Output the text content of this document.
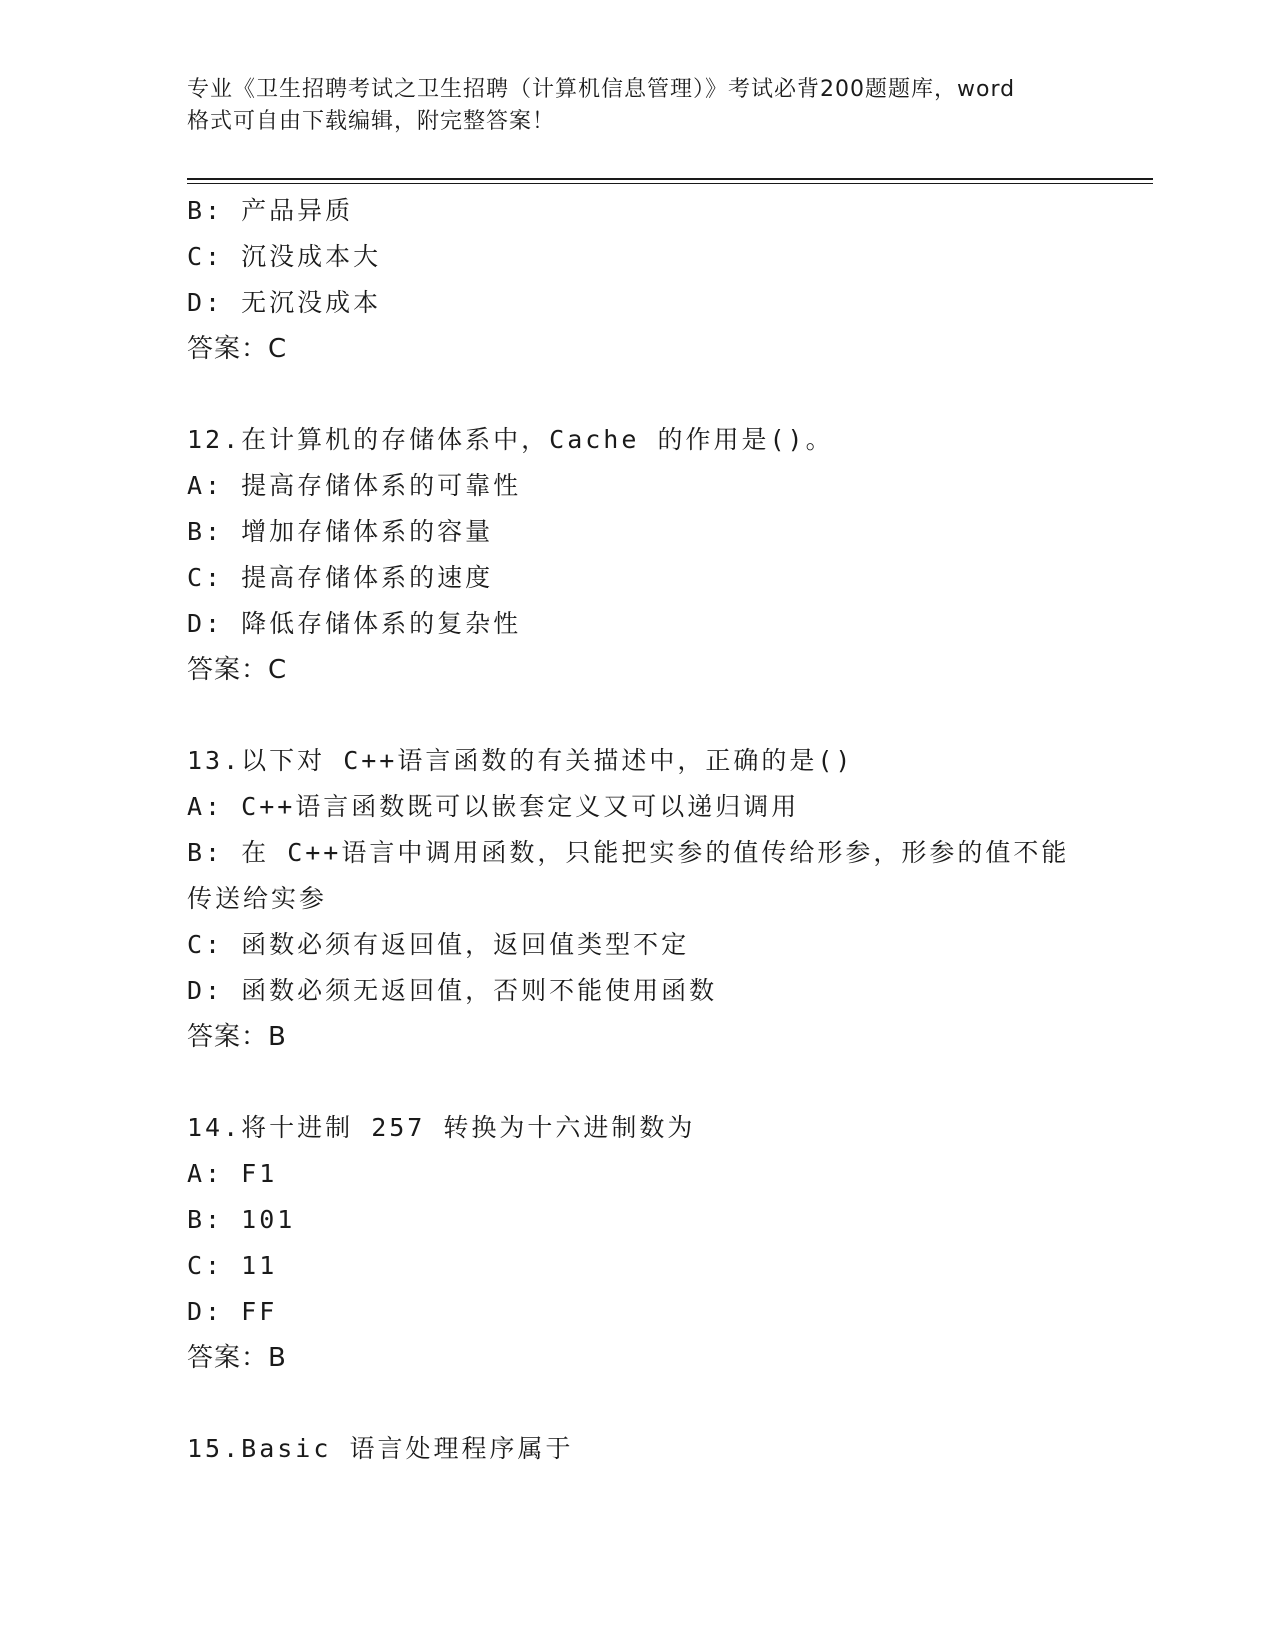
专业《卫生招聘考试之卫生招聘（计算机信息管理）》考试必背200题题库，word
格式可自由下载编辑，附完整答案！
B: 产品异质
C: 沉没成本大
D: 无沉没成本
答案：C
12.在计算机的存储体系中，Cache 的作用是()。
A: 提高存储体系的可靠性
B: 增加存储体系的容量
C: 提高存储体系的速度
D: 降低存储体系的复杂性
答案：C
13.以下对 C++语言函数的有关描述中，正确的是()
A: C++语言函数既可以嵌套定义又可以递归调用
B: 在 C++语言中调用函数，只能把实参的值传给形参，形参的值不能
传送给实参
C: 函数必须有返回值，返回值类型不定
D: 函数必须无返回值，否则不能使用函数
答案：B
14.将十进制 257 转换为十六进制数为
A: F1
B: 101
C: 11
D: FF
答案：B
15.Basic 语言处理程序属于
